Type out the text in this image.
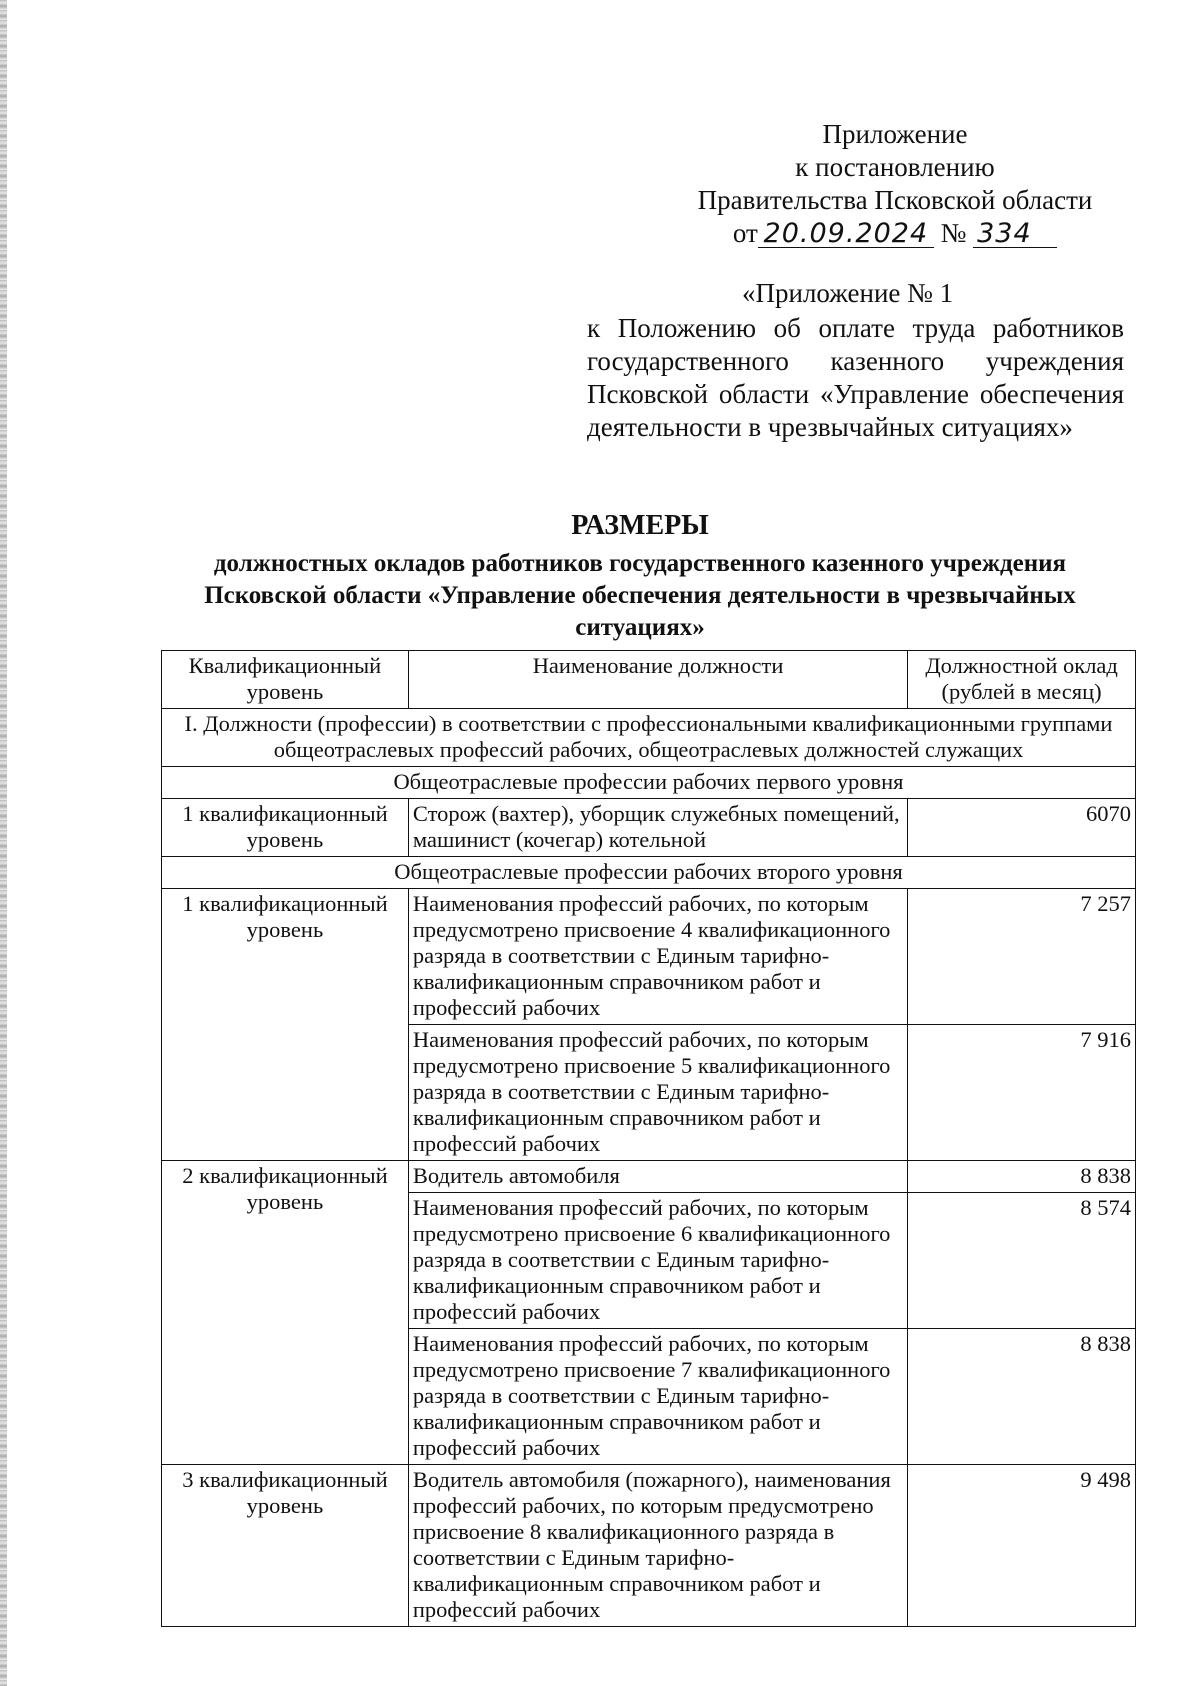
Приложение
к постановлению
Правительства Псковской области
от 20.09.2024 № 334
«Приложение № 1
к Положению об оплате труда работников государственного казенного учреждения Псковской области «Управление обеспечения деятельности в чрезвычайных ситуациях»
РАЗМЕРЫ
должностных окладов работников государственного казенного учреждения Псковской области «Управление обеспечения деятельности в чрезвычайных ситуациях»
Квалификационный уровень	Наименование должности	Должностной оклад (рублей в месяц)
I. Должности (профессии) в соответствии с профессиональными квалификационными группами общеотраслевых профессий рабочих, общеотраслевых должностей служащих		
Общеотраслевые профессии рабочих первого уровня		
1 квалификационный уровень	Сторож (вахтер), уборщик служебных помещений, машинист (кочегар) котельной	6070
Общеотраслевые профессии рабочих второго уровня		
1 квалификационный уровень	Наименования профессий рабочих, по которым предусмотрено присвоение 4 квалификационного разряда в соответствии с Единым тарифно-квалификационным справочником работ и профессий рабочих	7 257
	Наименования профессий рабочих, по которым предусмотрено присвоение 5 квалификационного разряда в соответствии с Единым тарифно-квалификационным справочником работ и профессий рабочих	7 916
2 квалификационный уровень	Водитель автомобиля	8 838
	Наименования профессий рабочих, по которым предусмотрено присвоение 6 квалификационного разряда в соответствии с Единым тарифно-квалификационным справочником работ и профессий рабочих	8 574
	Наименования профессий рабочих, по которым предусмотрено присвоение 7 квалификационного разряда в соответствии с Единым тарифно-квалификационным справочником работ и профессий рабочих	8 838
3 квалификационный уровень	Водитель автомобиля (пожарного), наименования профессий рабочих, по которым предусмотрено присвоение 8 квалификационного разряда в соответствии с Единым тарифно-квалификационным справочником работ и профессий рабочих	9 498
